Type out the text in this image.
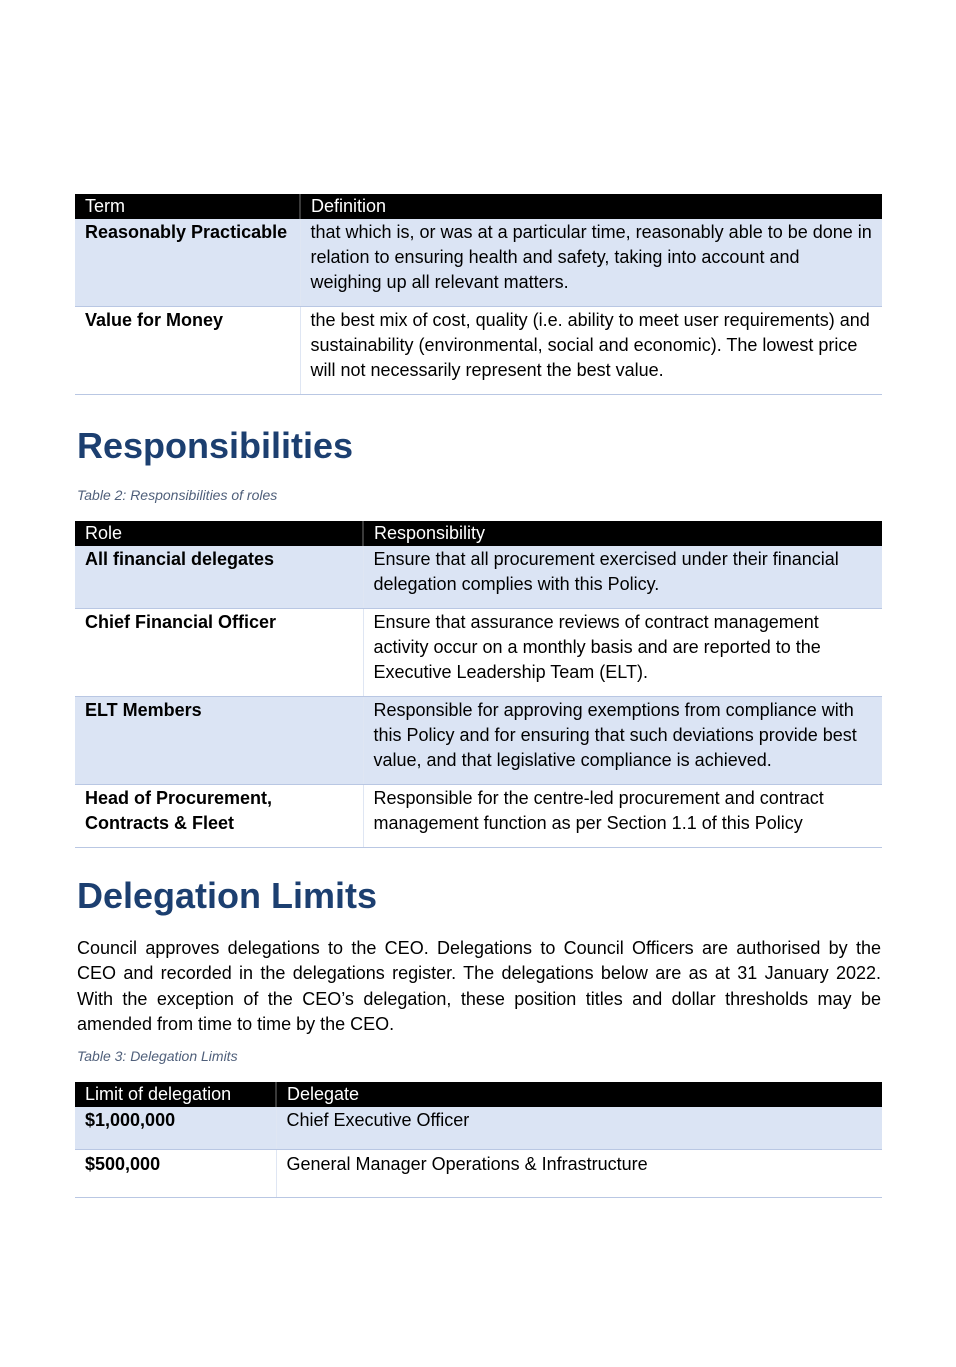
Term	Definition
Reasonably Practicable	that which is, or was at a particular time, reasonably able to be done in relation to ensuring health and safety, taking into account and weighing up all relevant matters.
Value for Money	the best mix of cost, quality (i.e. ability to meet user requirements) and sustainability (environmental, social and economic). The lowest price will not necessarily represent the best value.
Responsibilities

Table 2: Responsibilities of roles

Role	Responsibility
All financial delegates	Ensure that all procurement exercised under their financial delegation complies with this Policy.
Chief Financial Officer	Ensure that assurance reviews of contract management activity occur on a monthly basis and are reported to the Executive Leadership Team (ELT).
ELT Members	Responsible for approving exemptions from compliance with this Policy and for ensuring that such deviations provide best value, and that legislative compliance is achieved.
Head of Procurement, Contracts & Fleet	Responsible for the centre-led procurement and contract management function as per Section 1.1 of this Policy
Delegation Limits

Council approves delegations to the CEO. Delegations to Council Officers are authorised by the CEO and recorded in the delegations register. The delegations below are as at 31 January 2022. With the exception of the CEO’s delegation, these position titles and dollar thresholds may be amended from time to time by the CEO.

Table 3: Delegation Limits

Limit of delegation	Delegate
$1,000,000	Chief Executive Officer
$500,000	General Manager Operations & Infrastructure
